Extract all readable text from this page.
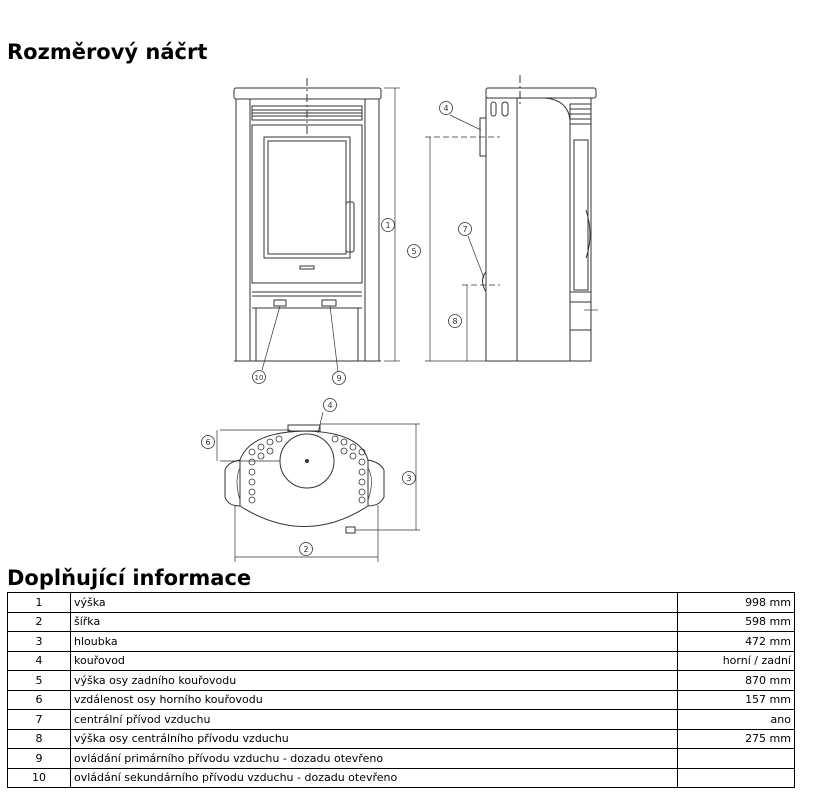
Rozměrový náčrt
1
4
5
7
8
10	9
4
6
3
2
Doplňující informace
1	výška	998 mm
2	šířka	598 mm
3	hloubka	472 mm
4	kouřovod	horní / zadní
5	výška osy zadního kouřovodu	870 mm
6	vzdálenost osy horního kouřovodu	157 mm
7	centrální přívod vzduchu	ano
8	výška osy centrálního přívodu vzduchu	275 mm
9	ovládání primárního přívodu vzduchu - dozadu otevřeno	
10	ovládání sekundárního přívodu vzduchu - dozadu otevřeno	
